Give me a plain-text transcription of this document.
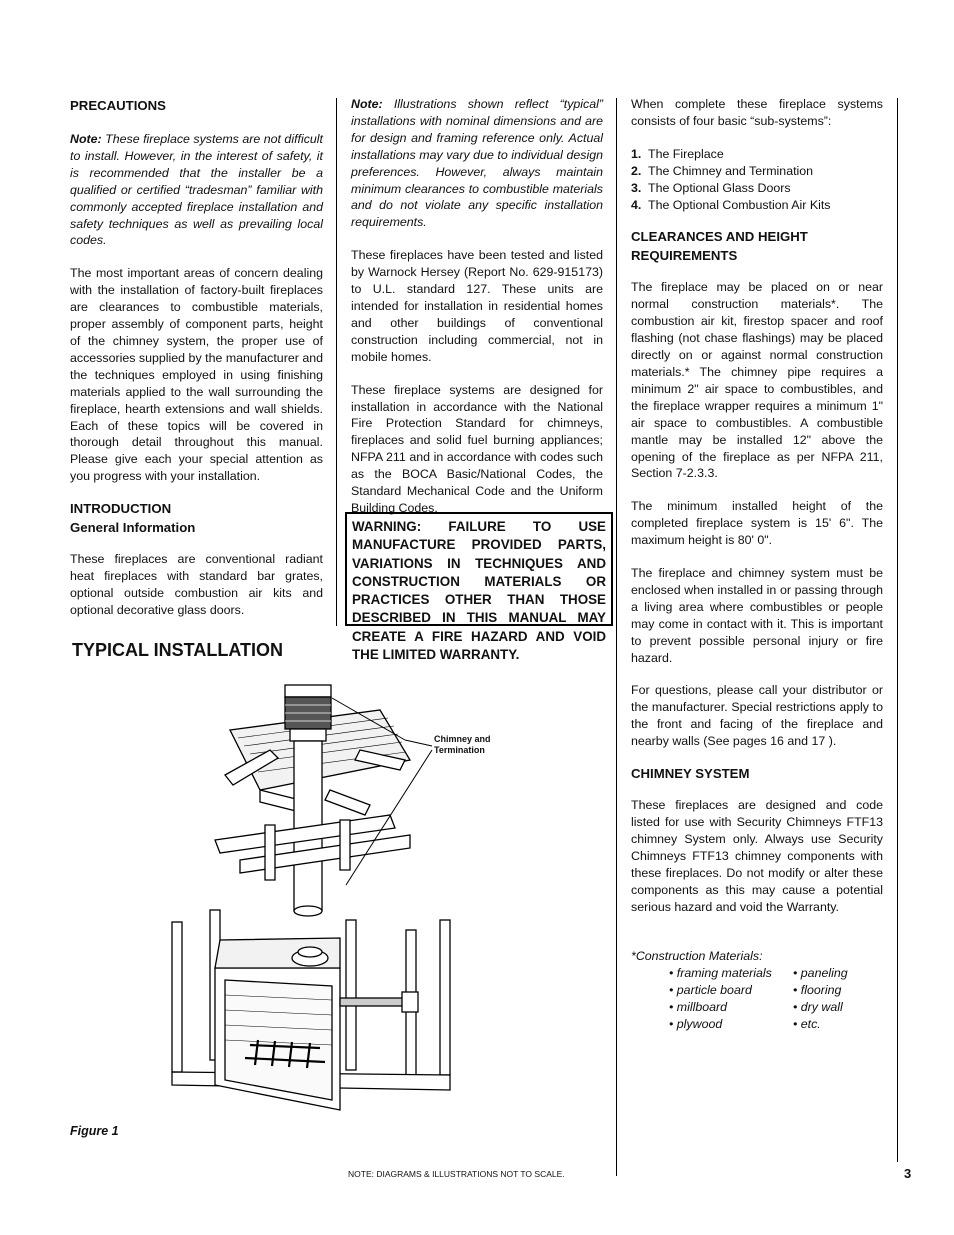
PRECAUTIONS

Note: These fireplace systems are not difficult to install. However, in the interest of safety, it is recommended that the installer be a qualified or certified “tradesman” familiar with commonly accepted fireplace installation and safety techniques as well as prevailing local codes.

The most important areas of concern dealing with the installation of factory-built fireplaces are clearances to combustible materials, proper assembly of component parts, height of the chimney system, the proper use of accessories supplied by the manufacturer and the techniques employed in using finishing materials applied to the wall surrounding the fireplace, hearth extensions and wall shields. Each of these topics will be covered in thorough detail throughout this manual. Please give each your special attention as you progress with your installation.

INTRODUCTION

General Information

These fireplaces are conventional radiant heat fireplaces with standard bar grates, optional outside combustion air kits and optional decorative glass doors.

Note: Illustrations shown reflect “typical” installations with nominal dimensions and are for design and framing reference only. Actual installations may vary due to individual design preferences. However, always maintain minimum clearances to combustible materials and do not violate any specific installation requirements.

These fireplaces have been tested and listed by Warnock Hersey (Report No. 629-915173) to U.L. standard 127. These units are intended for installation in residential homes and other buildings of conventional construction including commercial, not in mobile homes.

These fireplace systems are designed for installation in accordance with the National Fire Protection Standard for chimneys, fireplaces and solid fuel burning appliances; NFPA 211 and in accordance with codes such as the BOCA Basic/National Codes, the Standard Mechanical Code and the Uniform Building Codes.

WARNING: FAILURE TO USE MANUFACTURE PROVIDED PARTS, VARIATIONS IN TECHNIQUES AND CONSTRUCTION MATERIALS OR PRACTICES OTHER THAN THOSE DESCRIBED IN THIS MANUAL MAY CREATE A FIRE HAZARD AND VOID THE LIMITED WARRANTY.

When complete these fireplace systems consists of four basic “sub-systems”:

1. The Fireplace

2. The Chimney and Termination

3. The Optional Glass Doors

4. The Optional Combustion Air Kits

CLEARANCES AND HEIGHT REQUIREMENTS

The fireplace may be placed on or near normal construction materials*. The combustion air kit, firestop spacer and roof flashing (not chase flashings) may be placed directly on or against normal construction materials.* The chimney pipe requires a minimum 2" air space to combustibles, and the fireplace wrapper requires a minimum 1" air space to combustibles. A combustible mantle may be installed 12" above the opening of the fireplace as per NFPA 211, Section 7-2.3.3.

The minimum installed height of the completed fireplace system is 15' 6". The maximum height is 80' 0".

The fireplace and chimney system must be enclosed when installed in or passing through a living area where combustibles or people may come in contact with it. This is important to prevent possible personal injury or fire hazard.

For questions, please call your distributor or the manufacturer. Special restrictions apply to the front and facing of the fireplace and nearby walls (See pages 16 and 17 ).

CHIMNEY SYSTEM

These fireplaces are designed and code listed for use with Security Chimneys FTF13 chimney System only. Always use Security Chimneys FTF13 chimney components with these fireplaces. Do not modify or alter these components as this may cause a potential serious hazard and void the Warranty.

*Construction Materials:

• framing materials	• paneling
• particle board	• flooring
• millboard	• dry wall
• plywood	• etc.
TYPICAL INSTALLATION
Chimney and Termination
Figure 1
NOTE: DIAGRAMS & ILLUSTRATIONS NOT TO SCALE.	3
